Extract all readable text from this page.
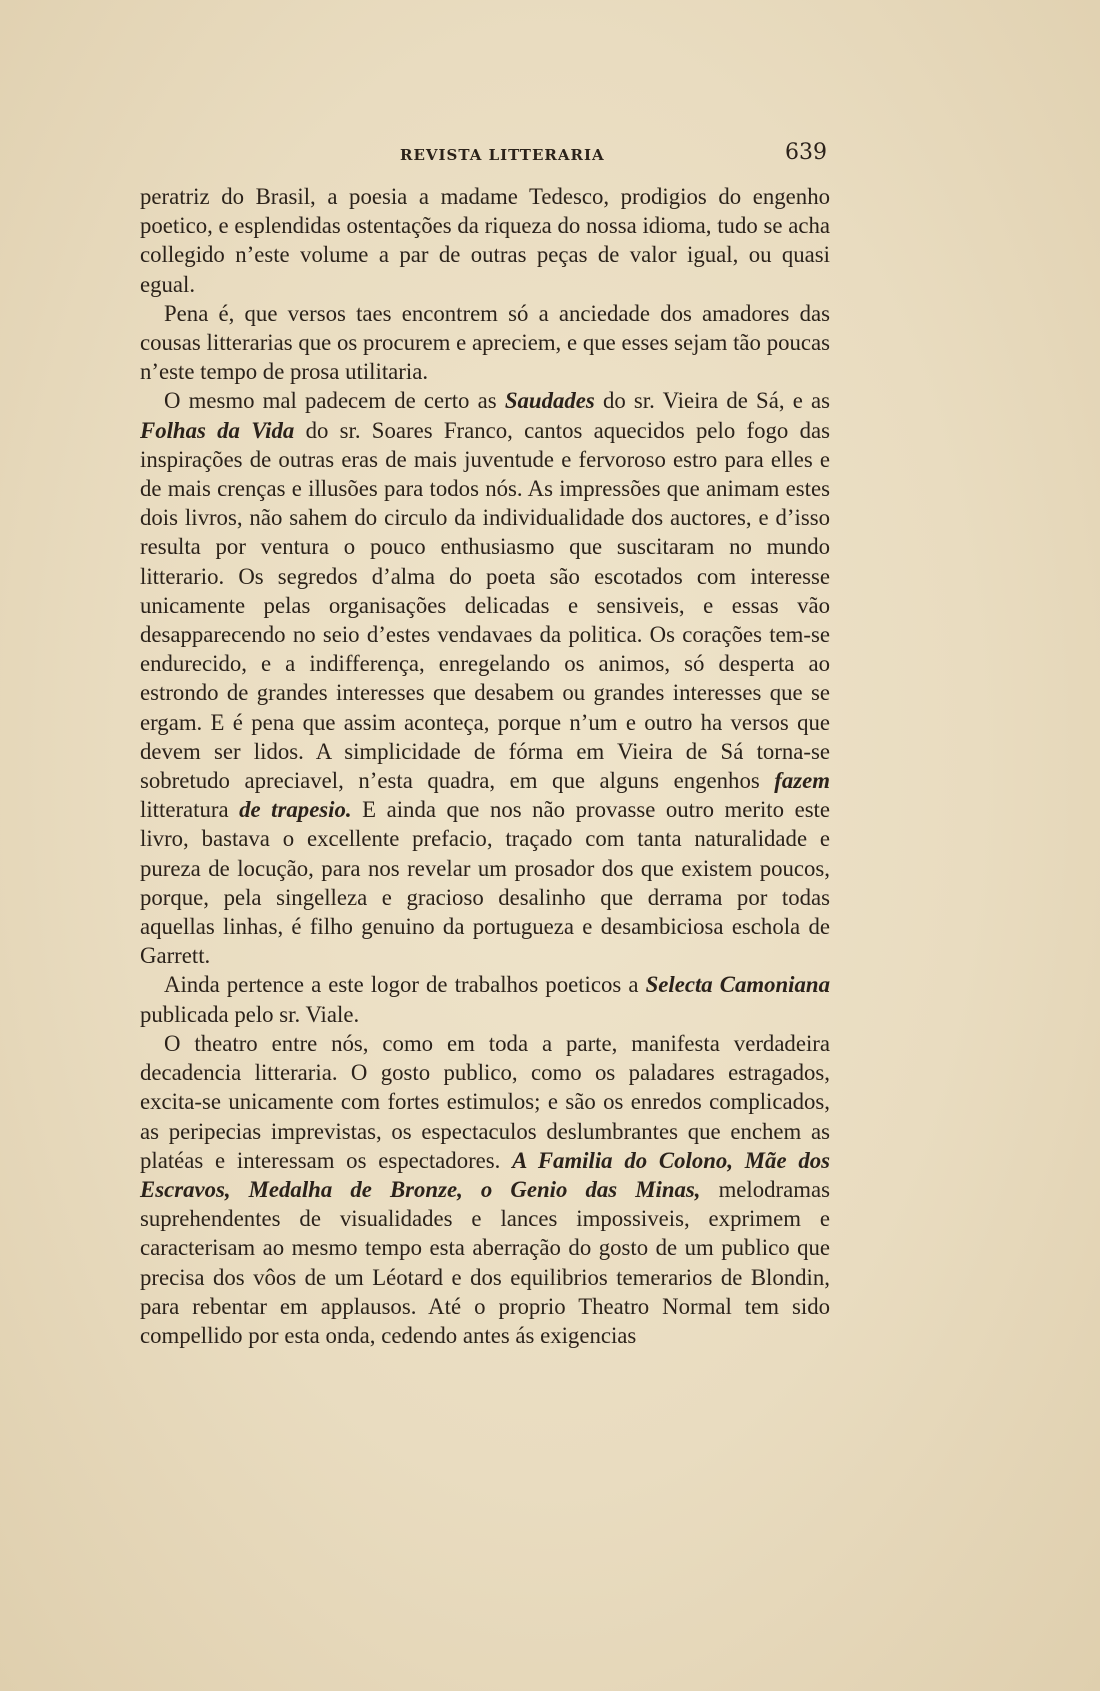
REVISTA LITTERARIA	639

peratriz do Brasil, a poesia a madame Tedesco, prodigios do engenho poetico, e esplendidas ostentações da riqueza do nossa idioma, tudo se acha collegido n’este volume a par de outras peças de valor igual, ou quasi egual.

Pena é, que versos taes encontrem só a anciedade dos amadores das cousas litterarias que os procurem e apreciem, e que esses sejam tão poucas n’este tempo de prosa utilitaria.

O mesmo mal padecem de certo as Saudades do sr. Vieira de Sá, e as Folhas da Vida do sr. Soares Franco, cantos aquecidos pelo fogo das inspirações de outras eras de mais juventude e fervoroso estro para elles e de mais crenças e illusões para todos nós. As impressões que animam estes dois livros, não sahem do circulo da individualidade dos auctores, e d’isso resulta por ventura o pouco enthusiasmo que suscitaram no mundo litterario. Os segredos d’alma do poeta são escotados com interesse unicamente pelas organisações delicadas e sensiveis, e essas vão desapparecendo no seio d’estes vendavaes da politica. Os corações tem-se endurecido, e a indifferença, enregelando os animos, só desperta ao estrondo de grandes interesses que desabem ou grandes interesses que se ergam. E é pena que assim aconteça, porque n’um e outro ha versos que devem ser lidos. A simplicidade de fórma em Vieira de Sá torna-se sobretudo apreciavel, n’esta quadra, em que alguns engenhos fazem litteratura de trapesio. E ainda que nos não provasse outro merito este livro, bastava o excellente prefacio, traçado com tanta naturalidade e pureza de locução, para nos revelar um prosador dos que existem poucos, porque, pela singelleza e gracioso desalinho que derrama por todas aquellas linhas, é filho genuino da portugueza e desambiciosa eschola de Garrett.

Ainda pertence a este logor de trabalhos poeticos a Selecta Camoniana publicada pelo sr. Viale.

O theatro entre nós, como em toda a parte, manifesta verdadeira decadencia litteraria. O gosto publico, como os paladares estragados, excita-se unicamente com fortes estimulos; e são os enredos complicados, as peripecias imprevistas, os espectaculos deslumbrantes que enchem as platéas e interessam os espectadores. A Familia do Colono, Mãe dos Escravos, Medalha de Bronze, o Genio das Minas, melodramas suprehendentes de visualidades e lances impossiveis, exprimem e caracterisam ao mesmo tempo esta aberração do gosto de um publico que precisa dos vôos de um Léotard e dos equilibrios temerarios de Blondin, para rebentar em applausos. Até o proprio Theatro Normal tem sido compellido por esta onda, cedendo antes ás exigencias
